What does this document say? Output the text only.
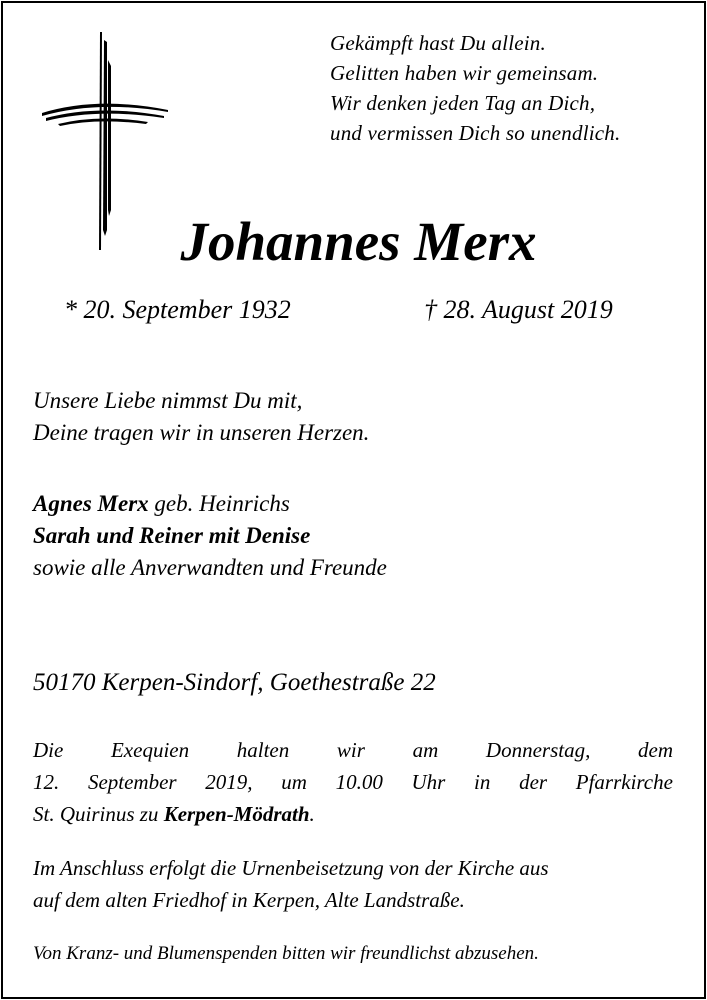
Gekämpft hast Du allein.
Gelitten haben wir gemeinsam.
Wir denken jeden Tag an Dich,
und vermissen Dich so unendlich.
Johannes Merx
* 20. September 1932	† 28. August 2019
Unsere Liebe nimmst Du mit,
Deine tragen wir in unseren Herzen.
Agnes Merx geb. Heinrichs
Sarah und Reiner mit Denise
sowie alle Anverwandten und Freunde
50170 Kerpen-Sindorf, Goethestraße 22
Die Exequien halten wir am Donnerstag, dem
12. September 2019, um 10.00 Uhr in der Pfarrkirche
St. Quirinus zu Kerpen-Mödrath.
Im Anschluss erfolgt die Urnenbeisetzung von der Kirche aus
auf dem alten Friedhof in Kerpen, Alte Landstraße.
Von Kranz- und Blumenspenden bitten wir freundlichst abzusehen.
